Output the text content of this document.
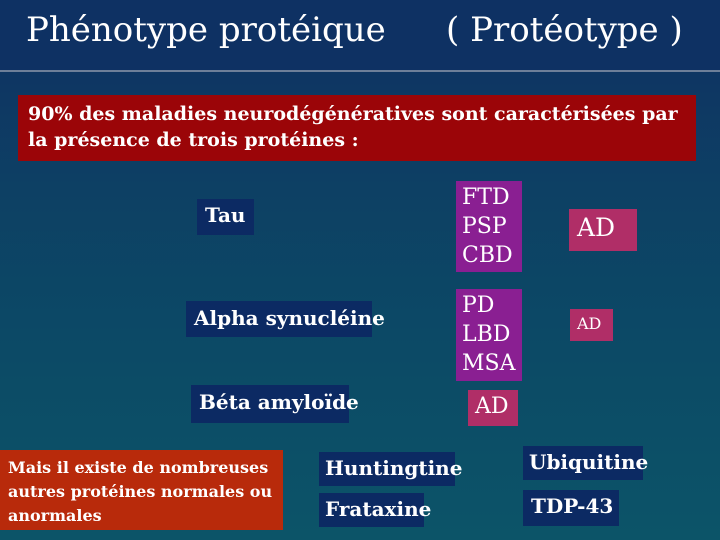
Phénotype protéique ( Protéotype )
90% des maladies neurodégénératives sont caractérisées par la présence de trois protéines :
Tau
FTD
PSP
CBD
AD
Alpha synucléine	PD
LBD
MSA
AD
Béta amyloïde	AD
Mais il existe de nombreuses autres protéines normales ou anormales
Huntingtine
Frataxine
Ubiquitine
TDP-43
